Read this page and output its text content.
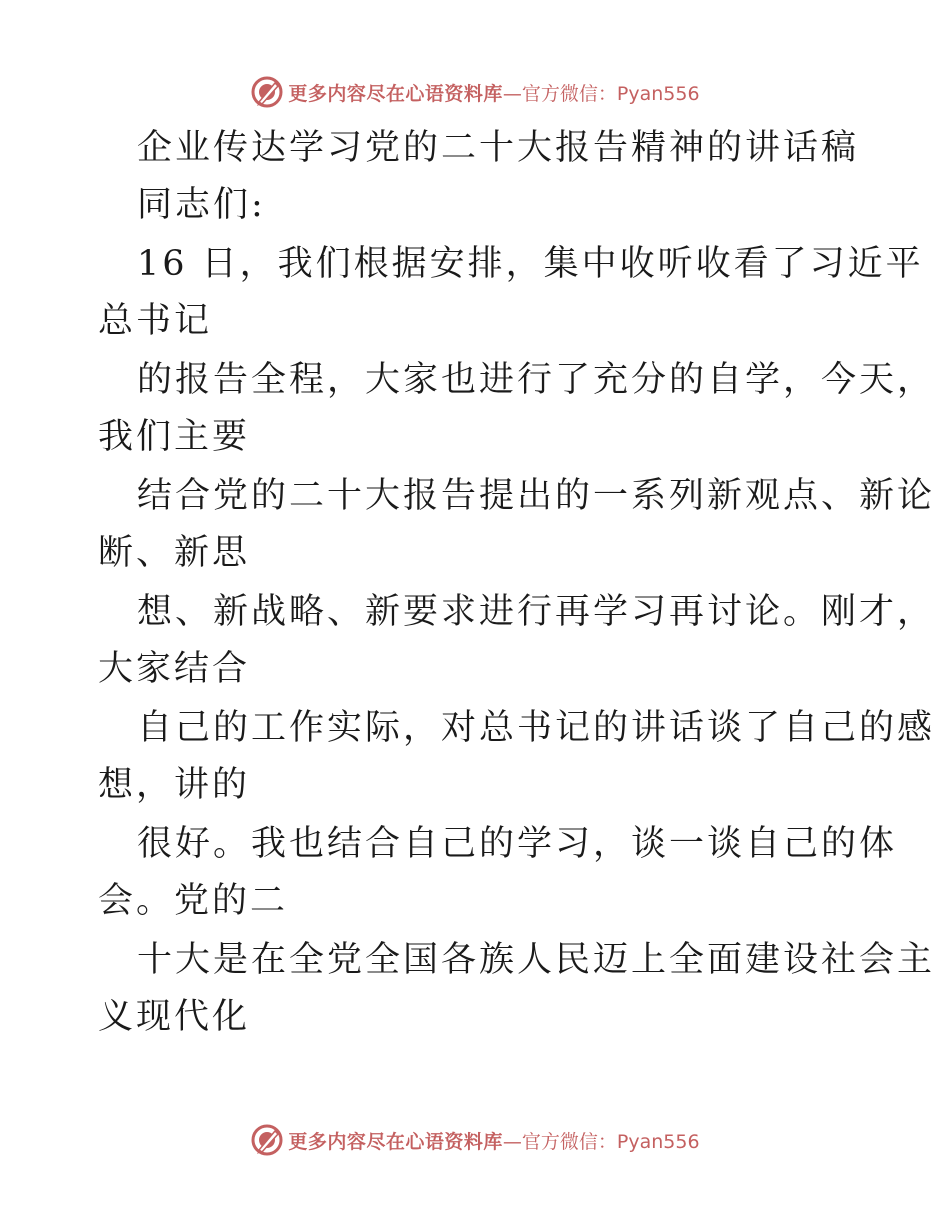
更多内容尽在心语资料库 —官方微信：Pyan556
企业传达学习党的二十大报告精神的讲话稿
同志们:
16 日，我们根据安排，集中收听收看了习近平
总书记
的报告全程，大家也进行了充分的自学，今天，
我们主要
结合党的二十大报告提出的一系列新观点、新论
断、新思
想、新战略、新要求进行再学习再讨论。刚才，
大家结合
自己的工作实际，对总书记的讲话谈了自己的感
想，讲的
很好。我也结合自己的学习，谈一谈自己的体
会。党的二
十大是在全党全国各族人民迈上全面建设社会主
义现代化
更多内容尽在心语资料库 —官方微信：Pyan556
